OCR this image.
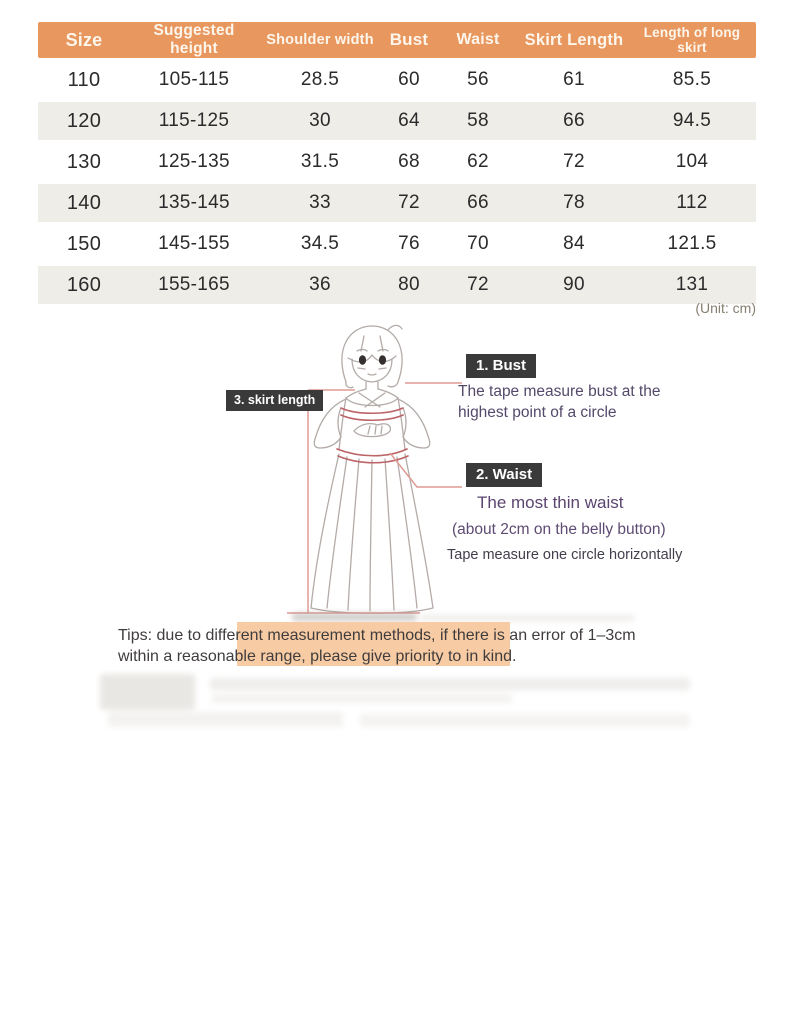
Size	Suggested height	Shoulder width	Bust	Waist	Skirt Length	Length of long skirt
110	105-115	28.5	60	56	61	85.5
120	115-125	30	64	58	66	94.5
130	125-135	31.5	68	62	72	104
140	135-145	33	72	66	78	112
150	145-155	34.5	76	70	84	121.5
160	155-165	36	80	72	90	131
(Unit: cm)
1. Bust
The tape measure bust at the
highest point of a circle
2. Waist
The most thin waist
(about 2cm on the belly button)
Tape measure one circle horizontally
3. skirt length
Tips: due to different measurement methods, if there is an error of 1–3cm
within a reasonable range, please give priority to in kind.
